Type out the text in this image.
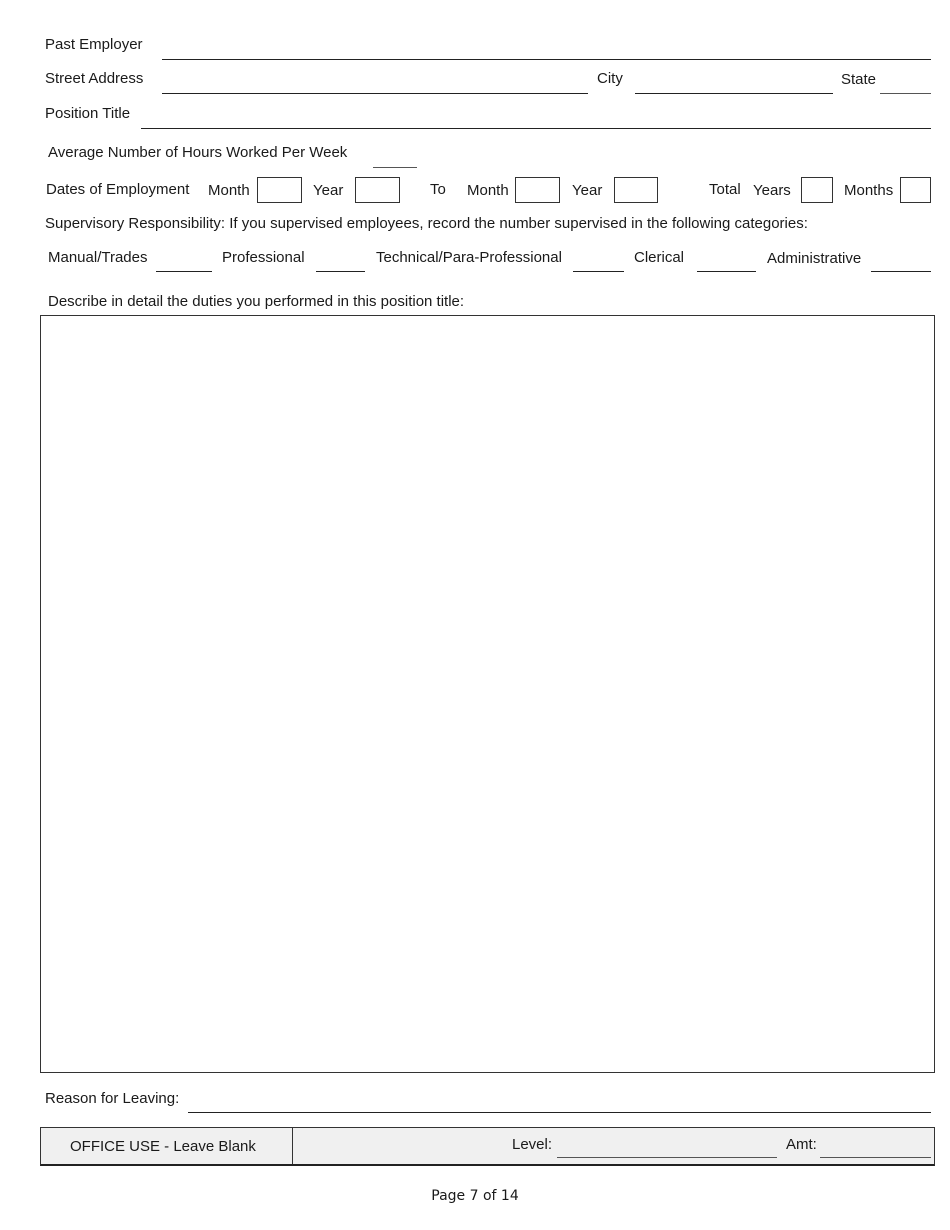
Past Employer
Street Address	City	State
Position Title
Average Number of Hours Worked Per Week
Dates of Employment Month	Year	To Month	Year	Total Years	Months
Supervisory Responsibility: If you supervised employees, record the number supervised in the following categories:
Manual/Trades	Professional	Technical/Para-Professional	Clerical	Administrative
Describe in detail the duties you performed in this position title:
Reason for Leaving:
OFFICE USE - Leave Blank	Level:	Amt:
Page 7 of 14
